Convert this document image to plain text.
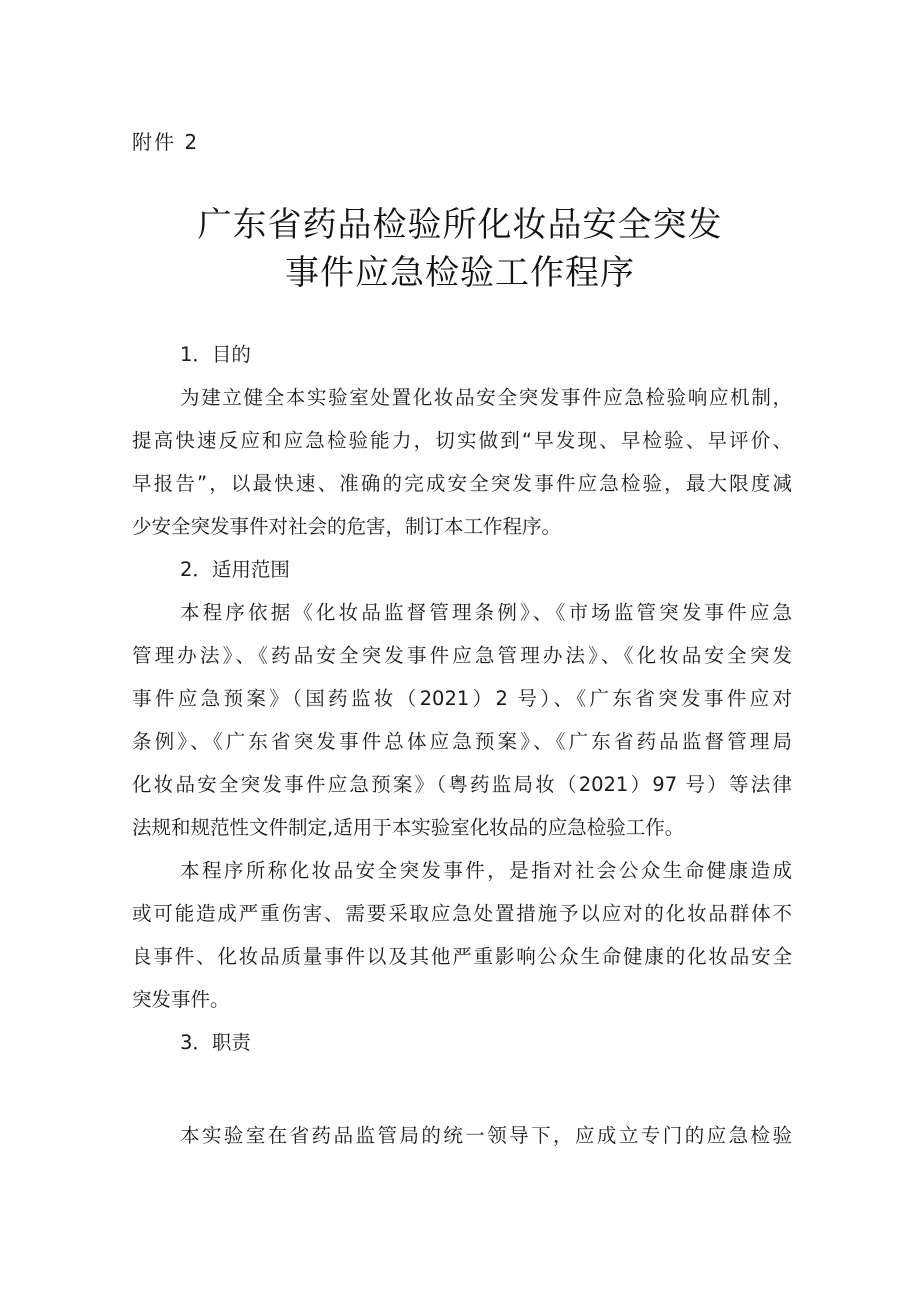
附件 2
广东省药品检验所化妆品安全突发
事件应急检验工作程序
1．目的
为建立健全本实验室处置化妆品安全突发事件应急检验响应机制，
提高快速反应和应急检验能力，切实做到“早发现、早检验、早评价、
早报告”，以最快速、准确的完成安全突发事件应急检验，最大限度减
少安全突发事件对社会的危害，制订本工作程序。
2．适用范围
本程序依据《化妆品监督管理条例》、《市场监管突发事件应急
管理办法》、《药品安全突发事件应急管理办法》、《化妆品安全突发
事件应急预案》（国药监妆（2021）2 号）、《广东省突发事件应对
条例》、《广东省突发事件总体应急预案》、《广东省药品监督管理局
化妆品安全突发事件应急预案》（粤药监局妆（2021）97 号）等法律
法规和规范性文件制定,适用于本实验室化妆品的应急检验工作。
本程序所称化妆品安全突发事件，是指对社会公众生命健康造成
或可能造成严重伤害、需要采取应急处置措施予以应对的化妆品群体不
良事件、化妆品质量事件以及其他严重影响公众生命健康的化妆品安全
突发事件。
3．职责
本实验室在省药品监管局的统一领导下，应成立专门的应急检验
